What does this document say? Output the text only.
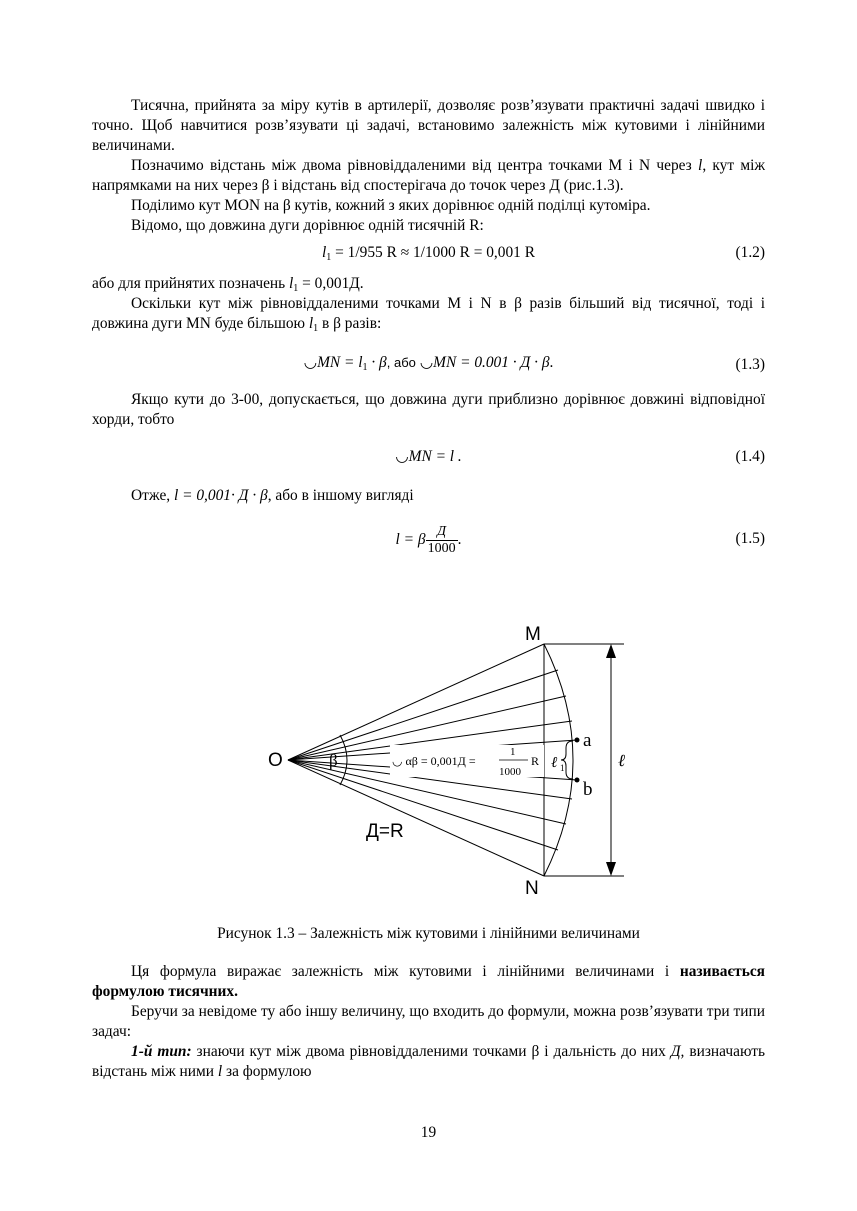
Тисячна, прийнята за міру кутів в артилерії, дозволяє розв’язувати практичні задачі швидко і точно. Щоб навчитися розв’язувати ці задачі, встановимо залежність між кутовими і лінійними величинами.

Позначимо відстань між двома рівновіддаленими від центра точками М і N через l, кут між напрямками на них через β і відстань від спостерігача до точок через Д (рис.1.3).

Поділимо кут MON на β кутів, кожний з яких дорівнює одній поділці кутоміра.

Відомо, що довжина дуги дорівнює одній тисячній R:

$l_1 = 1/955$ R ≈ 1/1000 R = 0,001 R	(1.2)

або для прийнятих позначень $l_1 = 0,001Д$.

Оскільки кут між рівновіддаленими точками М і N в β разів більший від тисячної, тоді і довжина дуги MN буде більшою $l_1$ в β разів:

◡MN = $l_1 \cdot \beta$, або ◡MN = 0.001 · Д · β.	(1.3)

Якщо кути до 3-00, допускається, що довжина дуги приблизно дорівнює довжині відповідної хорди, тобто

◡MN = l .	(1.4)

Отже, l = 0,001· Д · β, або в іншому вигляді

l = β $\frac{Д}{1000}$ .	(1.5)
M
N
O
a
b
β	ℓ 1	ℓ
Д=R
◡ αβ = 0,001Д =
1
1000
R
Рисунок 1.3 – Залежність між кутовими і лінійними величинами

Ця формула виражає залежність між кутовими і лінійними величинами і називається формулою тисячних.

Беручи за невідоме ту або іншу величину, що входить до формули, можна розв’язувати три типи задач:

1-й тип: знаючи кут між двома рівновіддаленими точками β і дальність до них Д, визначають відстань між ними l за формулою

19
